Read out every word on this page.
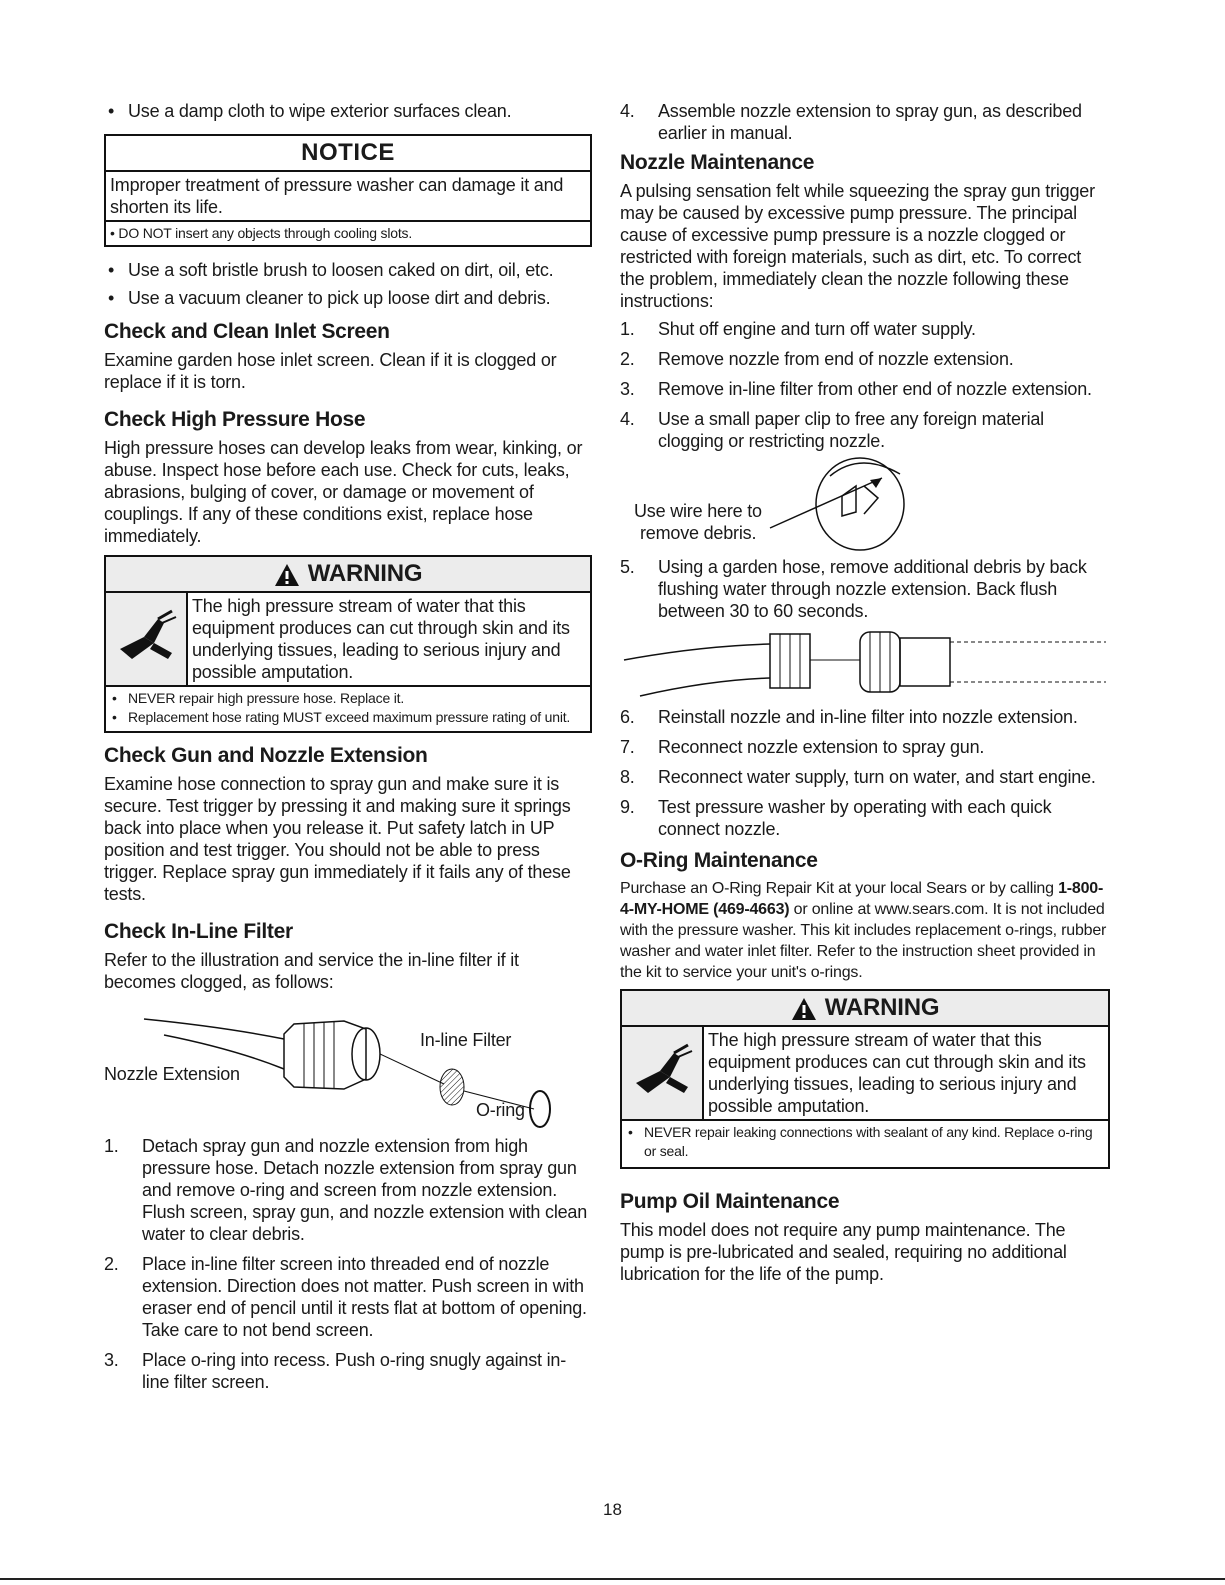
• Use a damp cloth to wipe exterior surfaces clean.
NOTICE
Improper treatment of pressure washer can damage it and shorten its life.
• DO NOT insert any objects through cooling slots.
• Use a soft bristle brush to loosen caked on dirt, oil, etc.
• Use a vacuum cleaner to pick up loose dirt and debris.
Check and Clean Inlet Screen

Examine garden hose inlet screen. Clean if it is clogged or replace if it is torn.

Check High Pressure Hose

High pressure hoses can develop leaks from wear, kinking, or abuse. Inspect hose before each use. Check for cuts, leaks, abrasions, bulging of cover, or damage or movement of couplings. If any of these conditions exist, replace hose immediately.

WARNING
The high pressure stream of water that this equipment produces can cut through skin and its underlying tissues, leading to serious injury and possible amputation.
• NEVER repair high pressure hose. Replace it.
• Replacement hose rating MUST exceed maximum pressure rating of unit.
Check Gun and Nozzle Extension

Examine hose connection to spray gun and make sure it is secure. Test trigger by pressing it and making sure it springs back into place when you release it. Put safety latch in UP position and test trigger. You should not be able to press trigger. Replace spray gun immediately if it fails any of these tests.

Check In-Line Filter

Refer to the illustration and service the in-line filter if it becomes clogged, as follows:

In-line Filter
Nozzle Extension
O-ring
1. Detach spray gun and nozzle extension from high pressure hose. Detach nozzle extension from spray gun and remove o-ring and screen from nozzle extension. Flush screen, spray gun, and nozzle extension with clean water to clear debris.
2. Place in-line filter screen into threaded end of nozzle extension. Direction does not matter. Push screen in with eraser end of pencil until it rests flat at bottom of opening. Take care to not bend screen.
3. Place o-ring into recess. Push o-ring snugly against in-line filter screen.
4. Assemble nozzle extension to spray gun, as described earlier in manual.
Nozzle Maintenance

A pulsing sensation felt while squeezing the spray gun trigger may be caused by excessive pump pressure. The principal cause of excessive pump pressure is a nozzle clogged or restricted with foreign materials, such as dirt, etc. To correct the problem, immediately clean the nozzle following these instructions:

1. Shut off engine and turn off water supply.
2. Remove nozzle from end of nozzle extension.
3. Remove in-line filter from other end of nozzle extension.
4. Use a small paper clip to free any foreign material clogging or restricting nozzle.
Use wire here to
remove debris.
5. Using a garden hose, remove additional debris by back flushing water through nozzle extension. Back flush between 30 to 60 seconds.
6. Reinstall nozzle and in-line filter into nozzle extension.
7. Reconnect nozzle extension to spray gun.
8. Reconnect water supply, turn on water, and start engine.
9. Test pressure washer by operating with each quick connect nozzle.
O-Ring Maintenance

Purchase an O-Ring Repair Kit at your local Sears or by calling 1-800-4-MY-HOME (469-4663) or online at www.sears.com. It is not included with the pressure washer. This kit includes replacement o-rings, rubber washer and water inlet filter. Refer to the instruction sheet provided in the kit to service your unit's o-rings.

WARNING
The high pressure stream of water that this equipment produces can cut through skin and its underlying tissues, leading to serious injury and possible amputation.
• NEVER repair leaking connections with sealant of any kind. Replace o-ring or seal.
Pump Oil Maintenance

This model does not require any pump maintenance. The pump is pre-lubricated and sealed, requiring no additional lubrication for the life of the pump.

18
